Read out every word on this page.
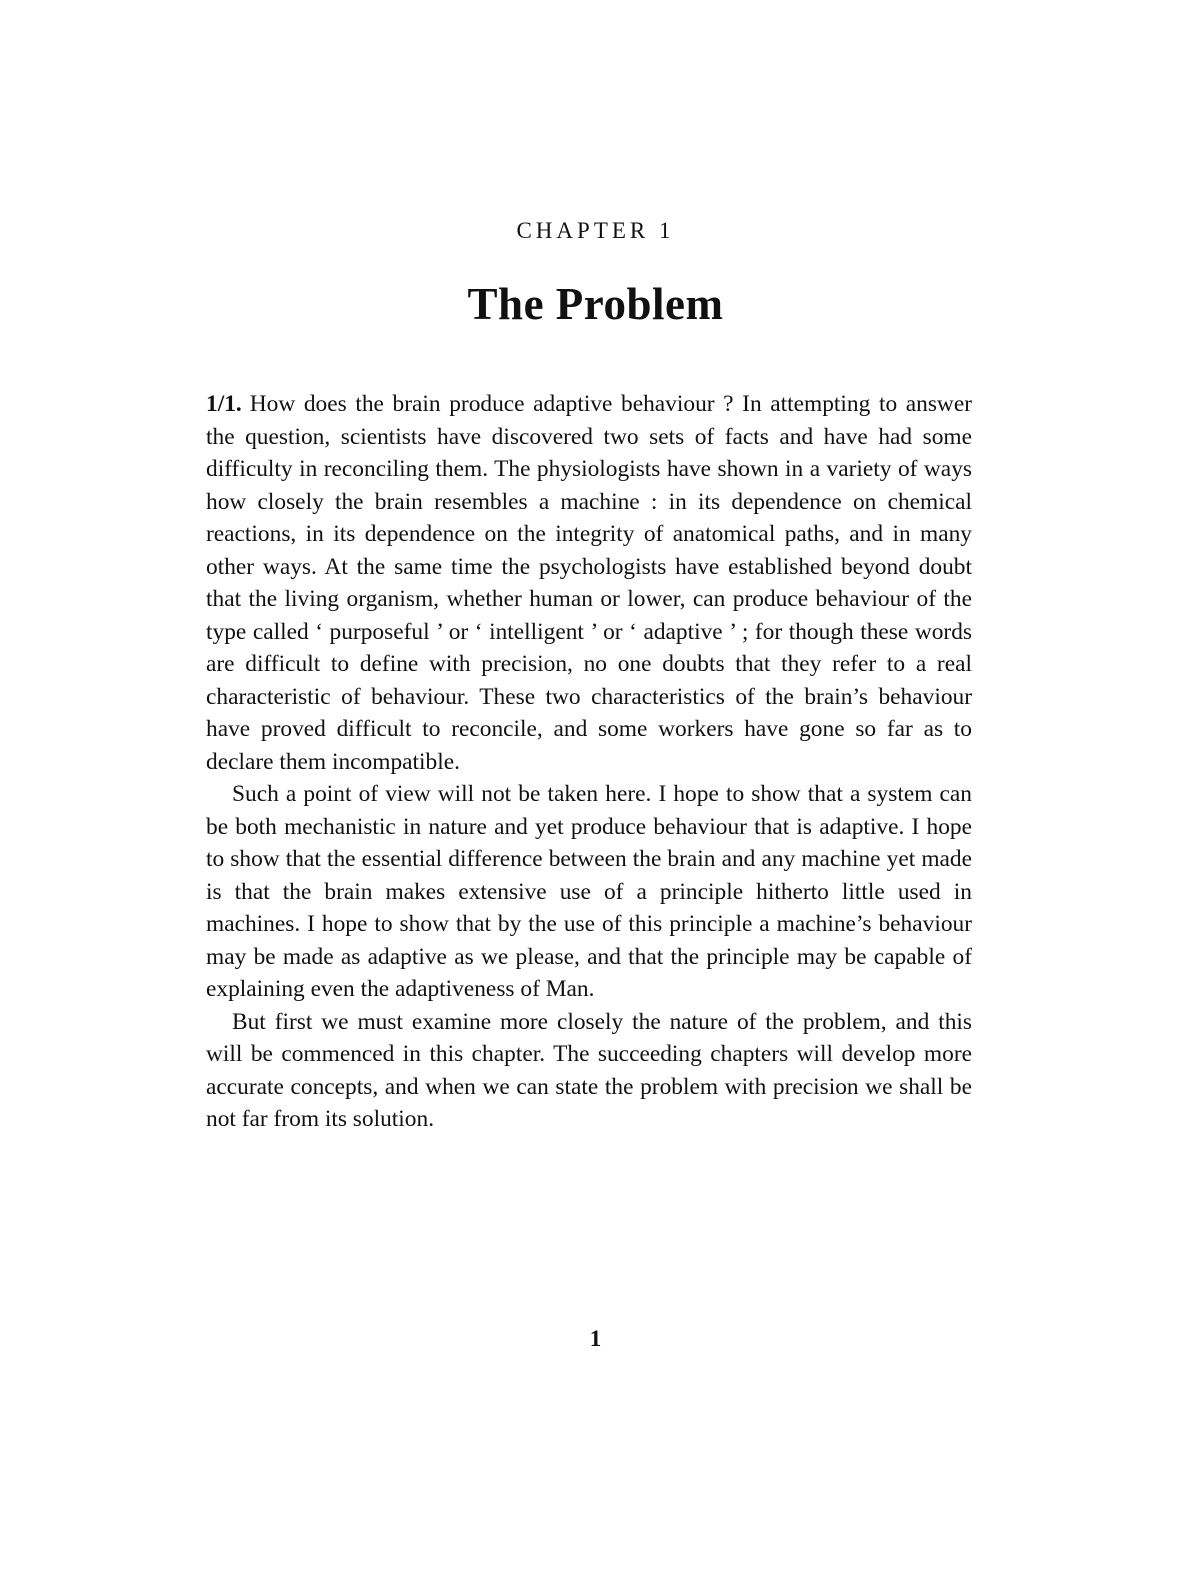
CHAPTER 1
The Problem

1/1. How does the brain produce adaptive behaviour ? In attempting to answer the question, scientists have discovered two sets of facts and have had some difficulty in reconciling them. The physiologists have shown in a variety of ways how closely the brain resembles a machine : in its dependence on chemical reactions, in its dependence on the integrity of anatomical paths, and in many other ways. At the same time the psychologists have established beyond doubt that the living organism, whether human or lower, can produce behaviour of the type called ‘ purposeful ’ or ‘ intelligent ’ or ‘ adaptive ’ ; for though these words are difficult to define with precision, no one doubts that they refer to a real characteristic of behaviour. These two characteristics of the brain’s behaviour have proved difficult to reconcile, and some workers have gone so far as to declare them incompatible.

Such a point of view will not be taken here. I hope to show that a system can be both mechanistic in nature and yet produce behaviour that is adaptive. I hope to show that the essential difference between the brain and any machine yet made is that the brain makes extensive use of a principle hitherto little used in machines. I hope to show that by the use of this principle a machine’s behaviour may be made as adaptive as we please, and that the principle may be capable of explaining even the adaptiveness of Man.

But first we must examine more closely the nature of the problem, and this will be commenced in this chapter. The succeeding chapters will develop more accurate concepts, and when we can state the problem with precision we shall be not far from its solution.

1
